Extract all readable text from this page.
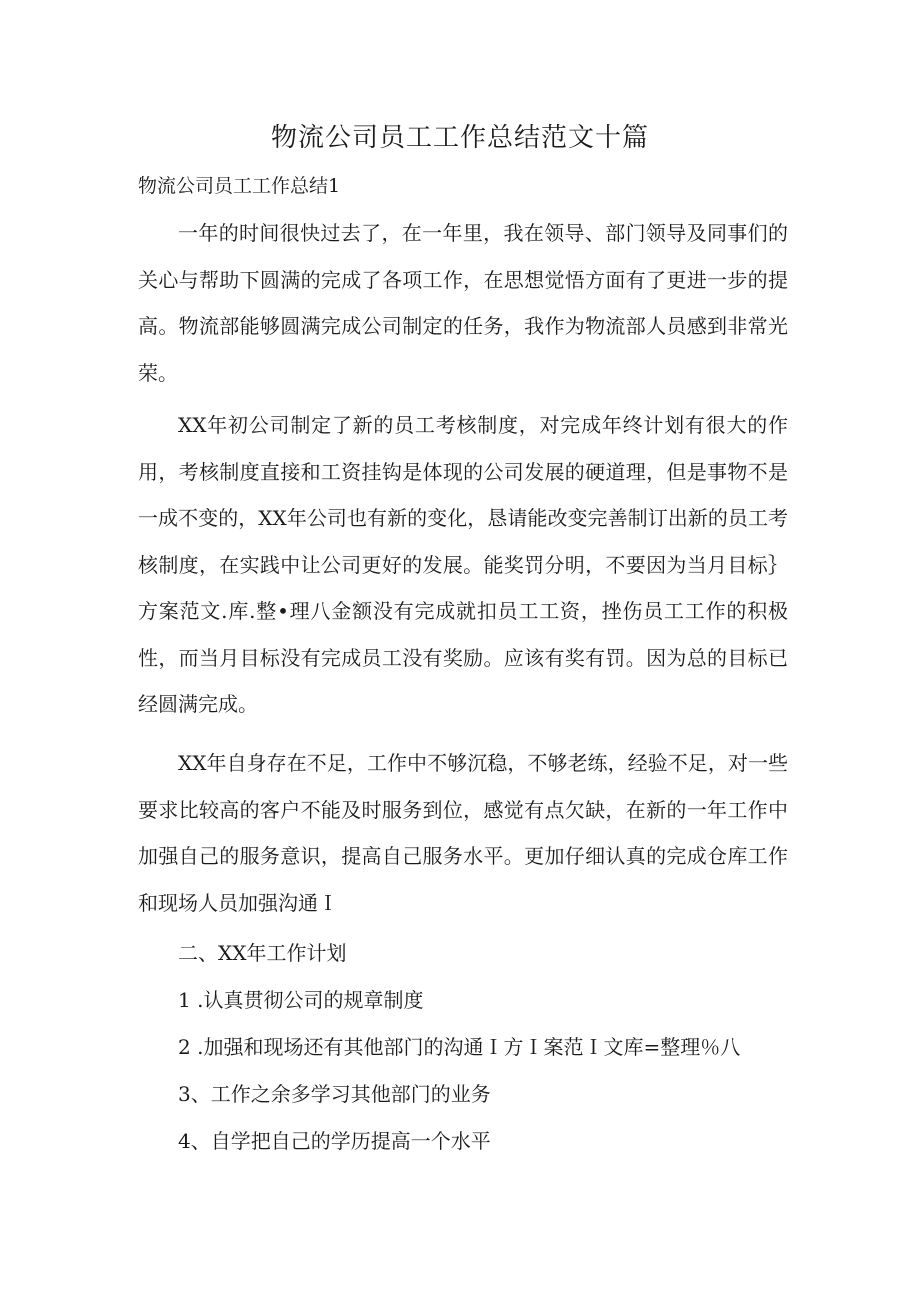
物流公司员工工作总结范文十篇

物流公司员工工作总结1

一年的时间很快过去了，在一年里，我在领导、部门领导及同事们的关心与帮助下圆满的完成了各项工作，在思想觉悟方面有了更进一步的提高。物流部能够圆满完成公司制定的任务，我作为物流部人员感到非常光荣。

XX年初公司制定了新的员工考核制度，对完成年终计划有很大的作用，考核制度直接和工资挂钩是体现的公司发展的硬道理，但是事物不是一成不变的，XX年公司也有新的变化，恳请能改变完善制订出新的员工考核制度，在实践中让公司更好的发展。能奖罚分明，不要因为当月目标｝方案范文.库.整•理八金额没有完成就扣员工工资，挫伤员工工作的积极性，而当月目标没有完成员工没有奖励。应该有奖有罚。因为总的目标已经圆满完成。

XX年自身存在不足，工作中不够沉稳，不够老练，经验不足，对一些要求比较高的客户不能及时服务到位，感觉有点欠缺，在新的一年工作中加强自己的服务意识，提高自己服务水平。更加仔细认真的完成仓库工作和现场人员加强沟通Ｉ

二、XX年工作计划

1 .认真贯彻公司的规章制度

2 .加强和现场还有其他部门的沟通Ｉ方Ｉ案范Ｉ文库=整理％八

3、工作之余多学习其他部门的业务

4、自学把自己的学历提高一个水平
